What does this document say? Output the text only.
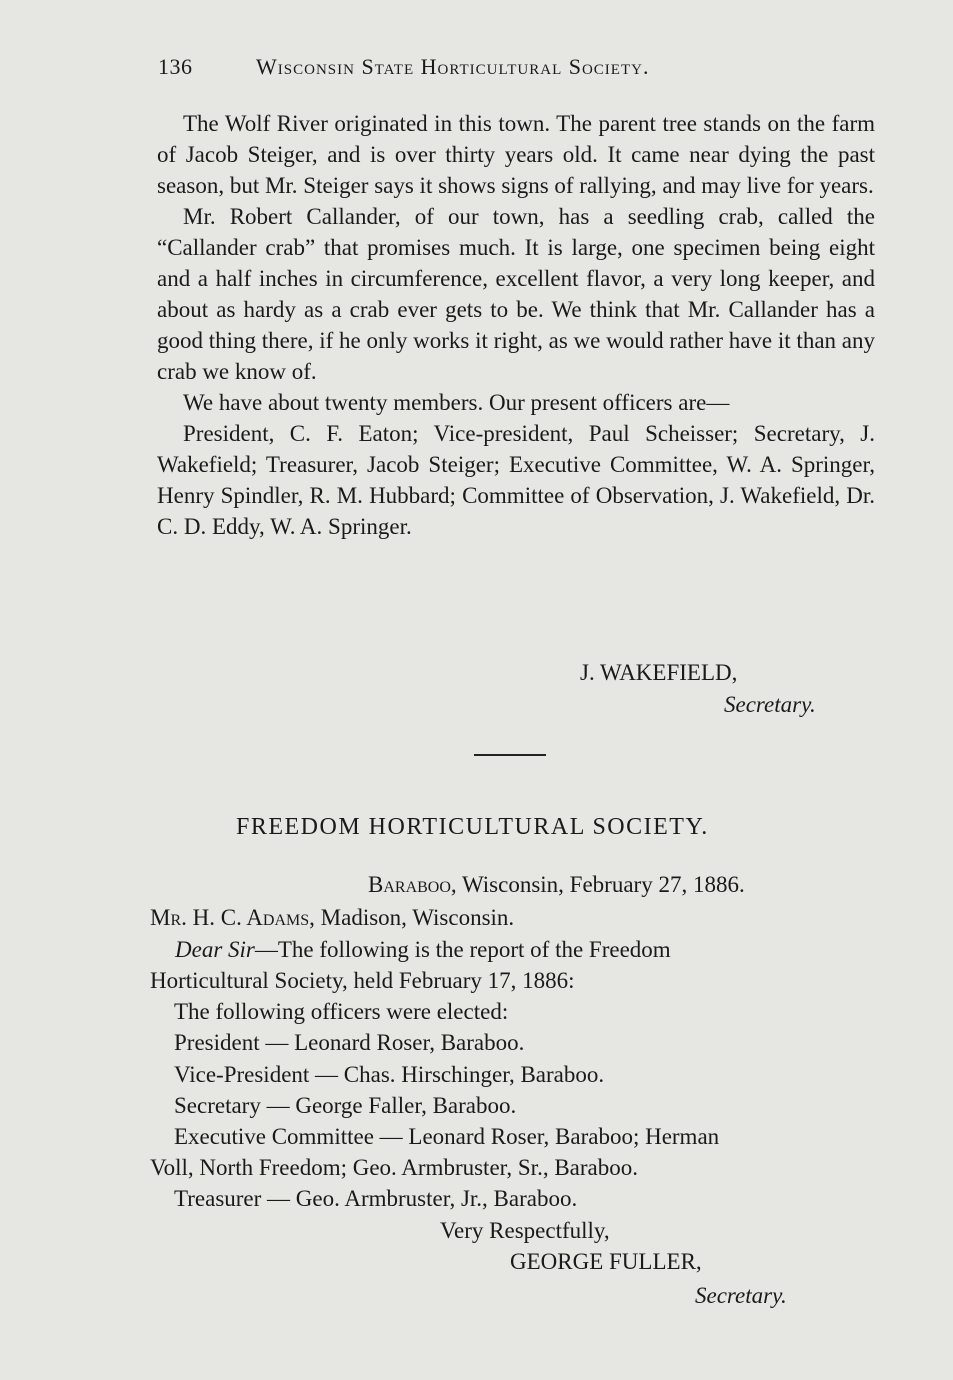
136	Wisconsin State Horticultural Society.

The Wolf River originated in this town. The parent tree stands on the farm of Jacob Steiger, and is over thirty years old. It came near dying the past season, but Mr. Steiger says it shows signs of rallying, and may live for years.

Mr. Robert Callander, of our town, has a seedling crab, called the “Callander crab” that promises much. It is large, one specimen being eight and a half inches in circumference, excellent flavor, a very long keeper, and about as hardy as a crab ever gets to be. We think that Mr. Callander has a good thing there, if he only works it right, as we would rather have it than any crab we know of.

We have about twenty members. Our present officers are—

President, C. F. Eaton; Vice-president, Paul Scheisser; Secretary, J. Wakefield; Treasurer, Jacob Steiger; Executive Committee, W. A. Springer, Henry Spindler, R. M. Hubbard; Committee of Observation, J. Wakefield, Dr. C. D. Eddy, W. A. Springer.

J. WAKEFIELD,
Secretary.
FREEDOM HORTICULTURAL SOCIETY.
Baraboo, Wisconsin, February 27, 1886.
Mr. H. C. Adams, Madison, Wisconsin.
Dear Sir—The following is the report of the Freedom
Horticultural Society, held February 17, 1886:
The following officers were elected:
President — Leonard Roser, Baraboo.
Vice-President — Chas. Hirschinger, Baraboo.
Secretary — George Faller, Baraboo.
Executive Committee — Leonard Roser, Baraboo; Herman
Voll, North Freedom; Geo. Armbruster, Sr., Baraboo.
Treasurer — Geo. Armbruster, Jr., Baraboo.
Very Respectfully,
GEORGE FULLER,
Secretary.
